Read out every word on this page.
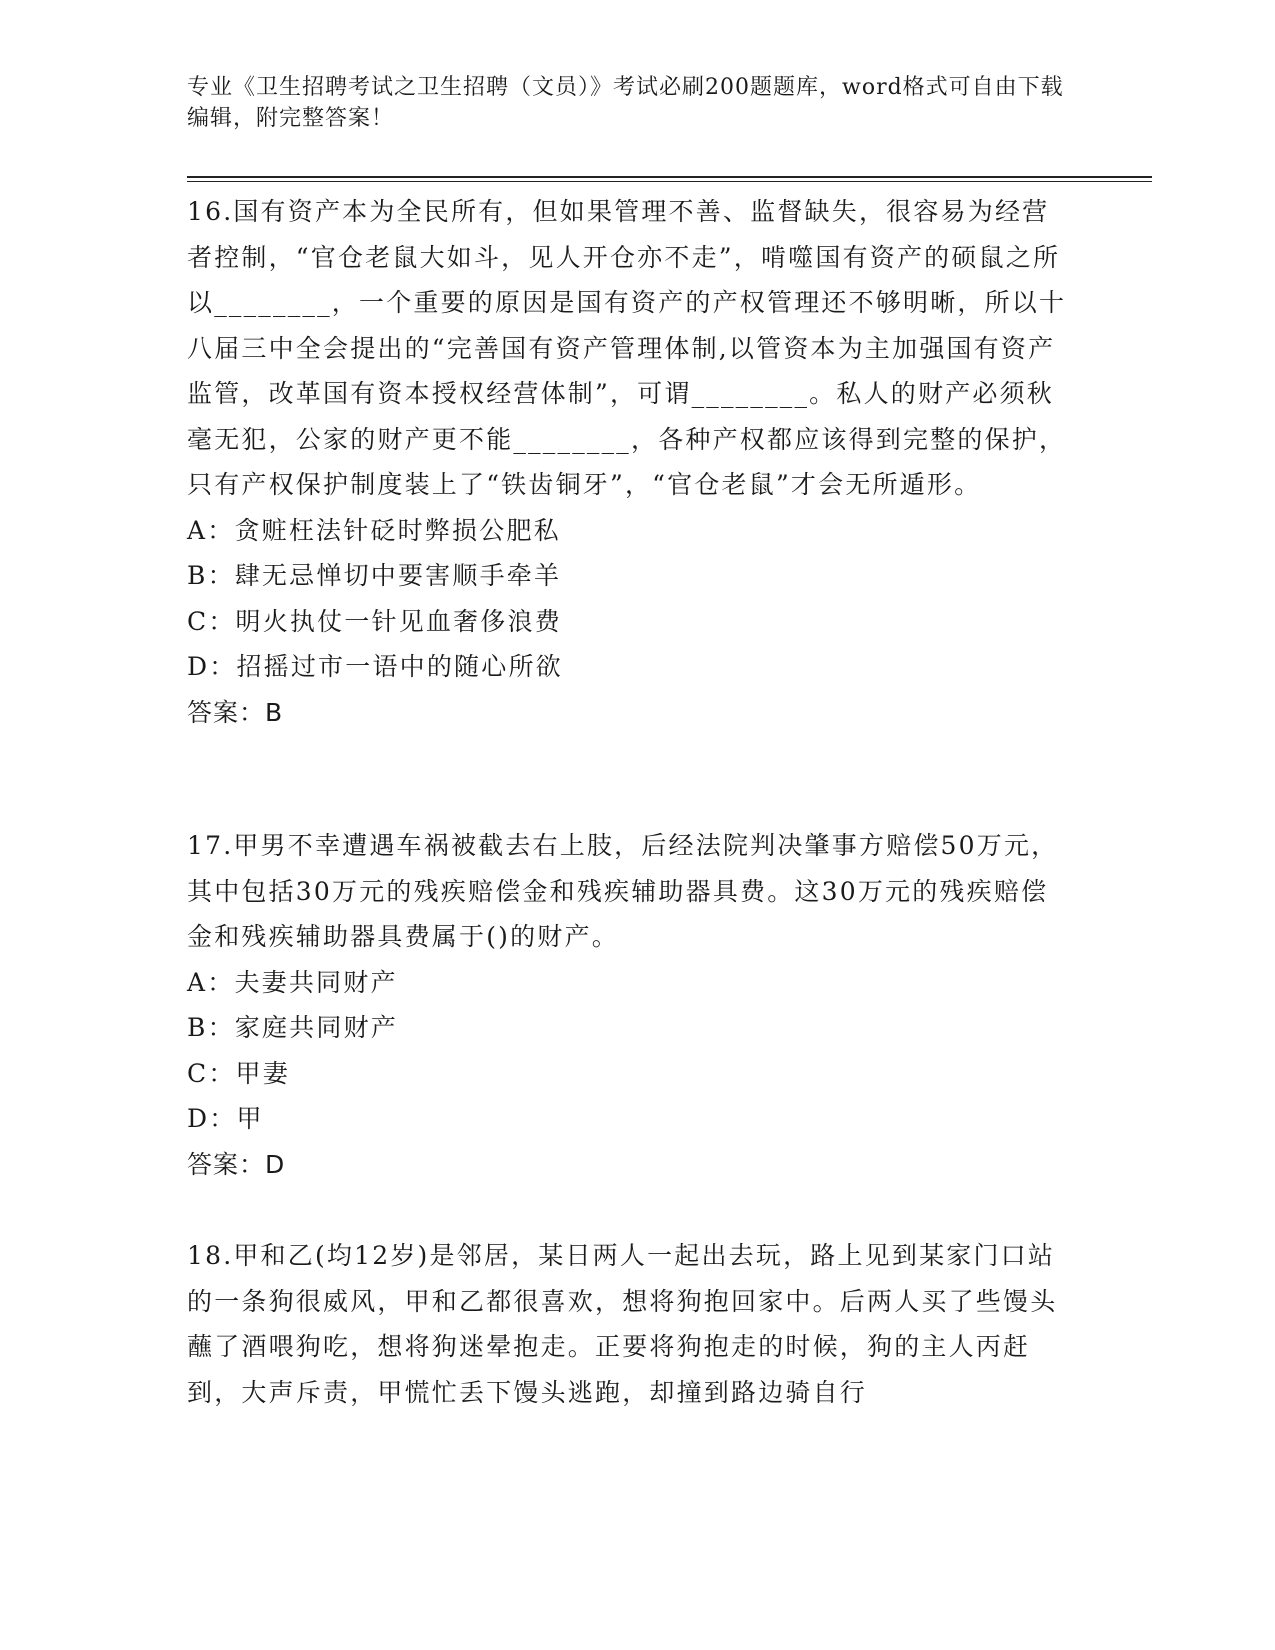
专业《卫生招聘考试之卫生招聘（文员）》考试必刷200题题库，word格式可自由下载编辑，附完整答案！

16.国有资产本为全民所有，但如果管理不善、监督缺失，很容易为经营者控制，“官仓老鼠大如斗，见人开仓亦不走”，啃噬国有资产的硕鼠之所以________，一个重要的原因是国有资产的产权管理还不够明晰，所以十八届三中全会提出的“完善国有资产管理体制,以管资本为主加强国有资产监管，改革国有资本授权经营体制”，可谓________。私人的财产必须秋毫无犯，公家的财产更不能________，各种产权都应该得到完整的保护，只有产权保护制度装上了“铁齿铜牙”，“官仓老鼠”才会无所遁形。

A：贪赃枉法针砭时弊损公肥私

B：肆无忌惮切中要害顺手牵羊

C：明火执仗一针见血奢侈浪费

D：招摇过市一语中的随心所欲

答案：B

17.甲男不幸遭遇车祸被截去右上肢，后经法院判决肇事方赔偿50万元，其中包括30万元的残疾赔偿金和残疾辅助器具费。这30万元的残疾赔偿金和残疾辅助器具费属于()的财产。

A：夫妻共同财产

B：家庭共同财产

C：甲妻

D：甲

答案：D

18.甲和乙(均12岁)是邻居，某日两人一起出去玩，路上见到某家门口站的一条狗很威风，甲和乙都很喜欢，想将狗抱回家中。后两人买了些馒头蘸了酒喂狗吃，想将狗迷晕抱走。正要将狗抱走的时候，狗的主人丙赶到，大声斥责，甲慌忙丢下馒头逃跑，却撞到路边骑自行
